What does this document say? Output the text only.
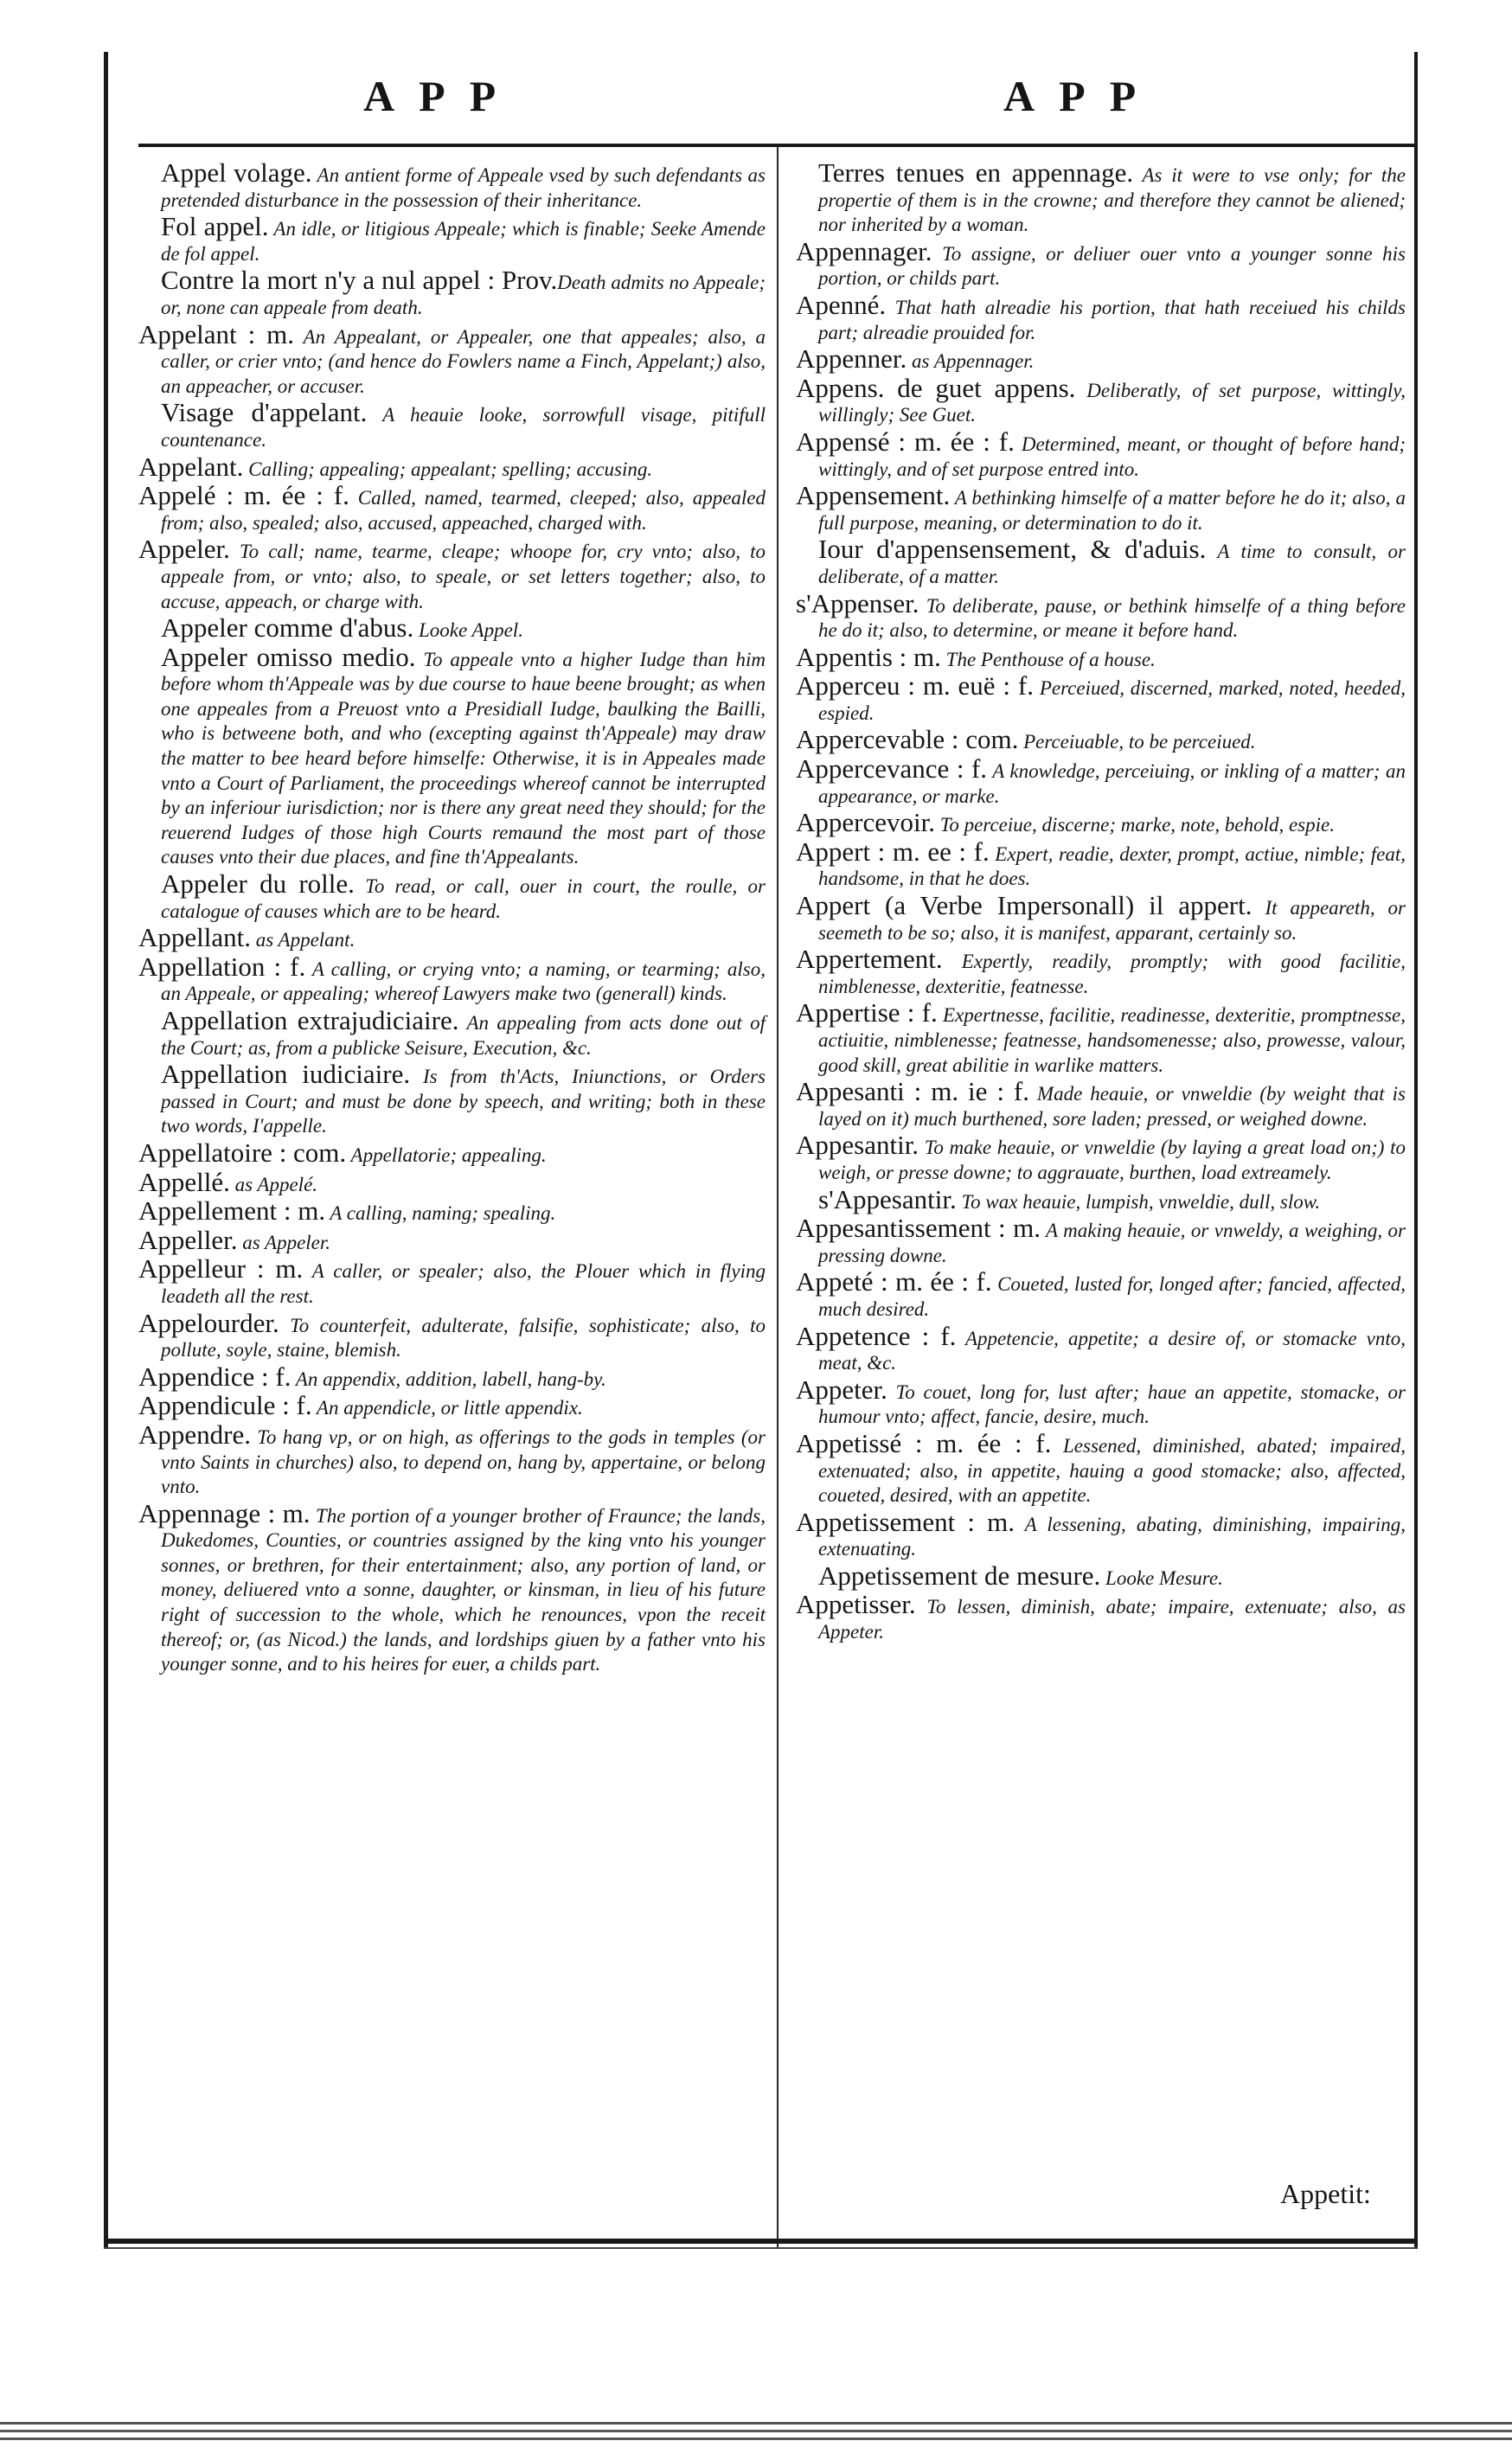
APP	APP

Appel volage. An antient forme of Appeale vsed by such defendants as pretended disturbance in the possession of their inheritance.

Fol appel. An idle, or litigious Appeale; which is finable; Seeke Amende de fol appel.

Contre la mort n'y a nul appel : Prov.Death admits no Appeale; or, none can appeale from death.

Appelant : m. An Appealant, or Appealer, one that appeales; also, a caller, or crier vnto; (and hence do Fowlers name a Finch, Appelant;) also, an appeacher, or accuser.

Visage d'appelant. A heauie looke, sorrowfull visage, pitifull countenance.

Appelant. Calling; appealing; appealant; spelling; accusing.

Appelé : m. ée : f. Called, named, tearmed, cleeped; also, appealed from; also, spealed; also, accused, appeached, charged with.

Appeler. To call; name, tearme, cleape; whoope for, cry vnto; also, to appeale from, or vnto; also, to speale, or set letters together; also, to accuse, appeach, or charge with.

Appeler comme d'abus. Looke Appel.

Appeler omisso medio. To appeale vnto a higher Iudge than him before whom th'Appeale was by due course to haue beene brought; as when one appeales from a Preuost vnto a Presidiall Iudge, baulking the Bailli, who is betweene both, and who (excepting against th'Appeale) may draw the matter to bee heard before himselfe: Otherwise, it is in Appeales made vnto a Court of Parliament, the proceedings whereof cannot be interrupted by an inferiour iurisdiction; nor is there any great need they should; for the reuerend Iudges of those high Courts remaund the most part of those causes vnto their due places, and fine th'Appealants.

Appeler du rolle. To read, or call, ouer in court, the roulle, or catalogue of causes which are to be heard.

Appellant. as Appelant.

Appellation : f. A calling, or crying vnto; a naming, or tearming; also, an Appeale, or appealing; whereof Lawyers make two (generall) kinds.

Appellation extrajudiciaire. An appealing from acts done out of the Court; as, from a publicke Seisure, Execution, &c.

Appellation iudiciaire. Is from th'Acts, Iniunctions, or Orders passed in Court; and must be done by speech, and writing; both in these two words, I'appelle.

Appellatoire : com. Appellatorie; appealing.

Appellé. as Appelé.

Appellement : m. A calling, naming; spealing.

Appeller. as Appeler.

Appelleur : m. A caller, or spealer; also, the Plouer which in flying leadeth all the rest.

Appelourder. To counterfeit, adulterate, falsifie, sophisticate; also, to pollute, soyle, staine, blemish.

Appendice : f. An appendix, addition, labell, hang-by.

Appendicule : f. An appendicle, or little appendix.

Appendre. To hang vp, or on high, as offerings to the gods in temples (or vnto Saints in churches) also, to depend on, hang by, appertaine, or belong vnto.

Appennage : m. The portion of a younger brother of Fraunce; the lands, Dukedomes, Counties, or countries assigned by the king vnto his younger sonnes, or brethren, for their entertainment; also, any portion of land, or money, deliuered vnto a sonne, daughter, or kinsman, in lieu of his future right of succession to the whole, which he renounces, vpon the receit thereof; or, (as Nicod.) the lands, and lordships giuen by a father vnto his younger sonne, and to his heires for euer, a childs part.

Terres tenues en appennage. As it were to vse only; for the propertie of them is in the crowne; and therefore they cannot be aliened; nor inherited by a woman.

Appennager. To assigne, or deliuer ouer vnto a younger sonne his portion, or childs part.

Apenné. That hath alreadie his portion, that hath receiued his childs part; alreadie prouided for.

Appenner. as Appennager.

Appens. de guet appens. Deliberatly, of set purpose, wittingly, willingly; See Guet.

Appensé : m. ée : f. Determined, meant, or thought of before hand; wittingly, and of set purpose entred into.

Appensement. A bethinking himselfe of a matter before he do it; also, a full purpose, meaning, or determination to do it.

Iour d'appensensement, & d'aduis. A time to consult, or deliberate, of a matter.

s'Appenser. To deliberate, pause, or bethink himselfe of a thing before he do it; also, to determine, or meane it before hand.

Appentis : m. The Penthouse of a house.

Apperceu : m. euë : f. Perceiued, discerned, marked, noted, heeded, espied.

Appercevable : com. Perceiuable, to be perceiued.

Appercevance : f. A knowledge, perceiuing, or inkling of a matter; an appearance, or marke.

Appercevoir. To perceiue, discerne; marke, note, behold, espie.

Appert : m. ee : f. Expert, readie, dexter, prompt, actiue, nimble; feat, handsome, in that he does.

Appert (a Verbe Impersonall) il appert. It appeareth, or seemeth to be so; also, it is manifest, apparant, certainly so.

Appertement. Expertly, readily, promptly; with good facilitie, nimblenesse, dexteritie, featnesse.

Appertise : f. Expertnesse, facilitie, readinesse, dexteritie, promptnesse, actiuitie, nimblenesse; featnesse, handsomenesse; also, prowesse, valour, good skill, great abilitie in warlike matters.

Appesanti : m. ie : f. Made heauie, or vnweldie (by weight that is layed on it) much burthened, sore laden; pressed, or weighed downe.

Appesantir. To make heauie, or vnweldie (by laying a great load on;) to weigh, or presse downe; to aggrauate, burthen, load extreamely.

s'Appesantir. To wax heauie, lumpish, vnweldie, dull, slow.

Appesantissement : m. A making heauie, or vnweldy, a weighing, or pressing downe.

Appeté : m. ée : f. Coueted, lusted for, longed after; fancied, affected, much desired.

Appetence : f. Appetencie, appetite; a desire of, or stomacke vnto, meat, &c.

Appeter. To couet, long for, lust after; haue an appetite, stomacke, or humour vnto; affect, fancie, desire, much.

Appetissé : m. ée : f. Lessened, diminished, abated; impaired, extenuated; also, in appetite, hauing a good stomacke; also, affected, coueted, desired, with an appetite.

Appetissement : m. A lessening, abating, diminishing, impairing, extenuating.

Appetissement de mesure. Looke Mesure.

Appetisser. To lessen, diminish, abate; impaire, extenuate; also, as Appeter.

Appetit:
